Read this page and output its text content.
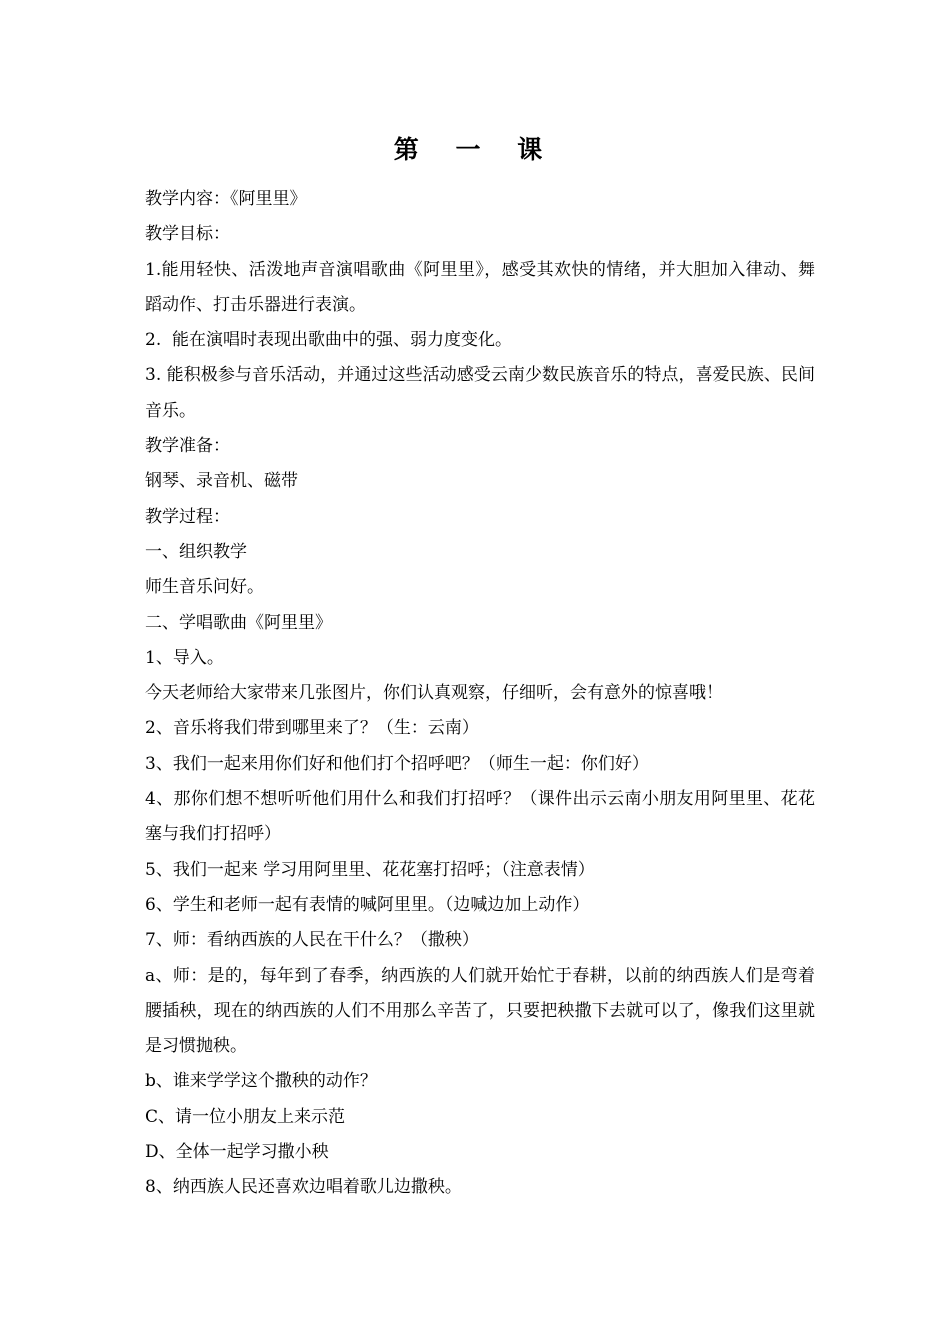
第 一 课

教学内容：《阿里里》

教学目标：

1.能用轻快、活泼地声音演唱歌曲《阿里里》，感受其欢快的情绪，并大胆加入律动、舞蹈动作、打击乐器进行表演。

2.  能在演唱时表现出歌曲中的强、弱力度变化。

3. 能积极参与音乐活动，并通过这些活动感受云南少数民族音乐的特点，喜爱民族、民间音乐。

教学准备：

钢琴、录音机、磁带

教学过程：

一、组织教学

师生音乐问好。

二、学唱歌曲《阿里里》

1、导入。

今天老师给大家带来几张图片，你们认真观察，仔细听，会有意外的惊喜哦！

2、音乐将我们带到哪里来了？（生：云南）

3、我们一起来用你们好和他们打个招呼吧？（师生一起：你们好）

4、那你们想不想听听他们用什么和我们打招呼？（课件出示云南小朋友用阿里里、花花塞与我们打招呼）

5、我们一起来 学习用阿里里、花花塞打招呼；（注意表情）

6、学生和老师一起有表情的喊阿里里。（边喊边加上动作）

7、师：看纳西族的人民在干什么？（撒秧）

a、师：是的，每年到了春季，纳西族的人们就开始忙于春耕，以前的纳西族人们是弯着腰插秧，现在的纳西族的人们不用那么辛苦了，只要把秧撒下去就可以了，像我们这里就是习惯抛秧。

b、谁来学学这个撒秧的动作？

C、请一位小朋友上来示范

D、全体一起学习撒小秧

8、纳西族人民还喜欢边唱着歌儿边撒秧。
